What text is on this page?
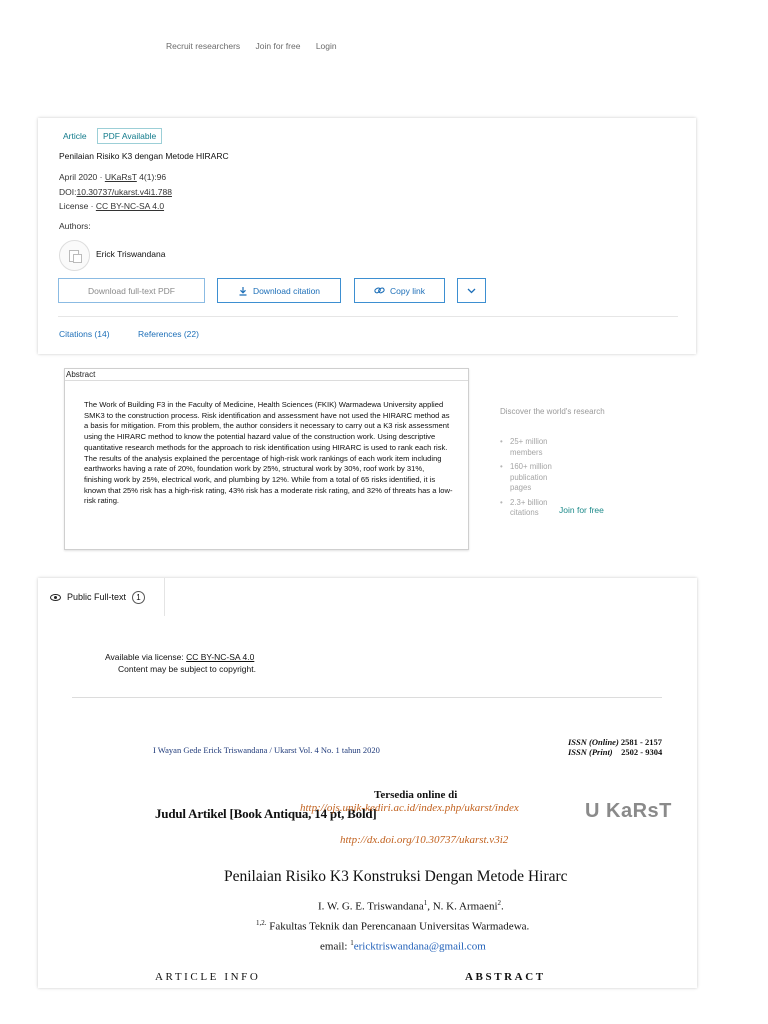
Recruit researchers Join for free Login
Article	PDF Available
Penilaian Risiko K3 dengan Metode HIRARC
April 2020 · UKaRsT 4(1):96
DOI:10.30737/ukarst.v4i1.788
License · CC BY-NC-SA 4.0
Authors:
Erick Triswandana
Download full-text PDF	Download citation	Copy link
Citations (14)	References (22)
Abstract
The Work of Building F3 in the Faculty of Medicine, Health Sciences (FKIK) Warmadewa University applied SMK3 to the construction process. Risk identification and assessment have not used the HIRARC method as a basis for mitigation. From this problem, the author considers it necessary to carry out a K3 risk assessment using the HIRARC method to know the potential hazard value of the construction work. Using descriptive quantitative research methods for the approach to risk identification using HIRARC is used to rank each risk. The results of the analysis explained the percentage of high-risk work rankings of each work item including earthworks having a rate of 20%, foundation work by 25%, structural work by 30%, roof work by 31%, finishing work by 25%, electrical work, and plumbing by 12%. While from a total of 65 risks identified, it is known that 25% risk has a high-risk rating, 43% risk has a moderate risk rating, and 32% of threats has a low-risk rating.
Discover the world's research
• 25+ million members
• 160+ million publication pages
• 2.3+ billion citations	Join for free
Public Full-text	1
Available via license: CC BY-NC-SA 4.0
Content may be subject to copyright.
I Wayan Gede Erick Triswandana / Ukarst Vol. 4 No. 1 tahun 2020
ISSN (Online) 2581 - 2157
ISSN (Print) 2502 - 9304
Tersedia online di
Judul Artikel [Book Antiqua, 14 pt, Bold]
http://ojs.unik-kediri.ac.id/index.php/ukarst/index	U KaRsT
http://dx.doi.org/10.30737/ukarst.v3i2
Penilaian Risiko K3 Konstruksi Dengan Metode Hirarc
I. W. G. E. Triswandana$^1$, N. K. Armaeni$^2$.
$^{1,2.}$ Fakultas Teknik dan Perencanaan Universitas Warmadewa.
email: $^1$ericktriswandana@gmail.com
ARTICLE INFO	ABSTRACT
